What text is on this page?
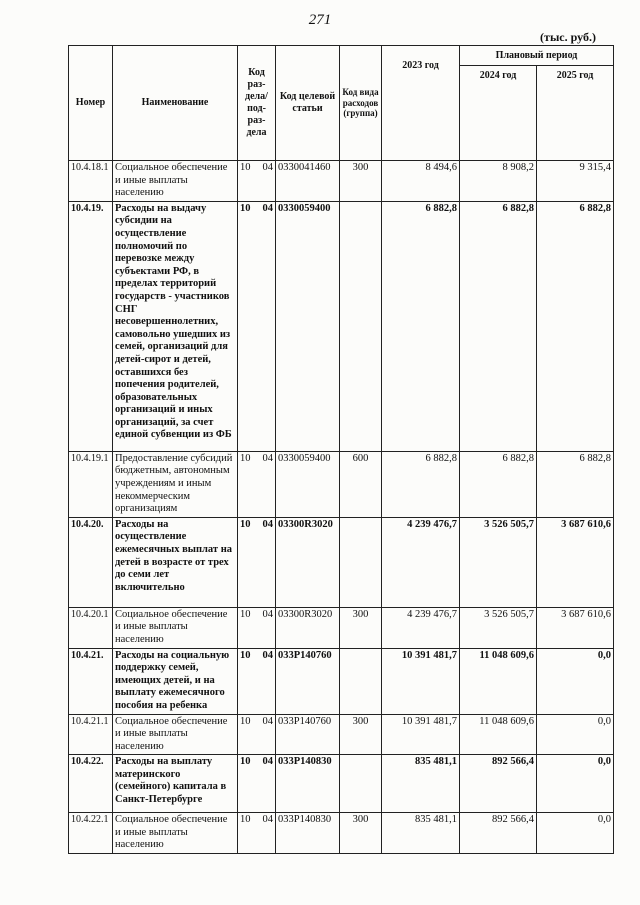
271
(тыс. руб.)
Номер	Наименование	Код раз-дела/ под-раз-дела	Код целевой статьи	Код вида расходов (группа)	2023 год	Плановый период	
						2024 год	2025 год
10.4.18.1	Социальное обеспечение и иные выплаты населению	10 04	0330041460	300	8 494,6	8 908,2	9 315,4
10.4.19.	Расходы на выдачу субсидии на осуществление полномочий по перевозке между субъектами РФ, в пределах территорий государств - участников СНГ несовершеннолетних, самовольно ушедших из семей, организаций для детей-сирот и детей, оставшихся без попечения родителей, образовательных организаций и иных организаций, за счет единой субвенции из ФБ	10 04	0330059400		6 882,8	6 882,8	6 882,8
10.4.19.1	Предоставление субсидий бюджетным, автономным учреждениям и иным некоммерческим организациям	10 04	0330059400	600	6 882,8	6 882,8	6 882,8
10.4.20.	Расходы на осуществление ежемесячных выплат на детей в возрасте от трех до семи лет включительно	10 04	03300R3020		4 239 476,7	3 526 505,7	3 687 610,6
10.4.20.1	Социальное обеспечение и иные выплаты населению	10 04	03300R3020	300	4 239 476,7	3 526 505,7	3 687 610,6
10.4.21.	Расходы на социальную поддержку семей, имеющих детей, и на выплату ежемесячного пособия на ребенка	10 04	033P140760		10 391 481,7	11 048 609,6	0,0
10.4.21.1	Социальное обеспечение и иные выплаты населению	10 04	033P140760	300	10 391 481,7	11 048 609,6	0,0
10.4.22.	Расходы на выплату материнского (семейного) капитала в Санкт-Петербурге	10 04	033P140830		835 481,1	892 566,4	0,0
10.4.22.1	Социальное обеспечение и иные выплаты населению	10 04	033P140830	300	835 481,1	892 566,4	0,0
